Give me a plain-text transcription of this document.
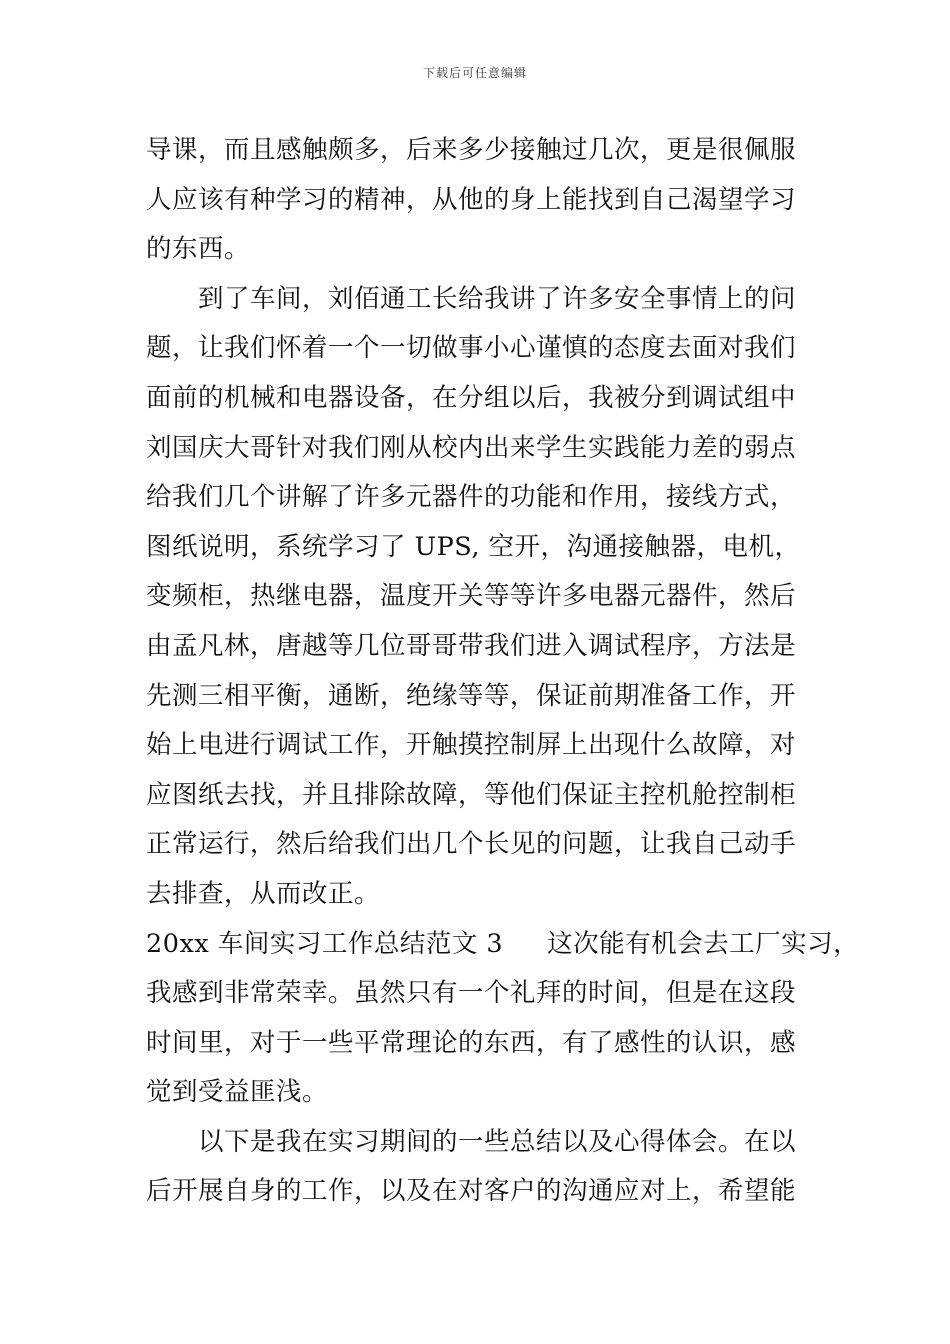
下载后可任意编辑
导课，而且感触颇多，后来多少接触过几次，更是很佩服
人应该有种学习的精神，从他的身上能找到自己渴望学习
的东西。
到了车间，刘佰通工长给我讲了许多安全事情上的问
题，让我们怀着一个一切做事小心谨慎的态度去面对我们
面前的机械和电器设备，在分组以后，我被分到调试组中
刘国庆大哥针对我们刚从校内出来学生实践能力差的弱点
给我们几个讲解了许多元器件的功能和作用，接线方式，
图纸说明，系统学习了 UPS, 空开，沟通接触器，电机，
变频柜，热继电器，温度开关等等许多电器元器件，然后
由孟凡林，唐越等几位哥哥带我们进入调试程序，方法是
先测三相平衡，通断，绝缘等等，保证前期准备工作，开
始上电进行调试工作，开触摸控制屏上出现什么故障，对
应图纸去找，并且排除故障，等他们保证主控机舱控制柜
正常运行，然后给我们出几个长见的问题，让我自己动手
去排查，从而改正。
20xx 车间实习工作总结范文 3 这次能有机会去工厂实习，
我感到非常荣幸。虽然只有一个礼拜的时间，但是在这段
时间里，对于一些平常理论的东西，有了感性的认识，感
觉到受益匪浅。
以下是我在实习期间的一些总结以及心得体会。在以
后开展自身的工作，以及在对客户的沟通应对上，希望能
